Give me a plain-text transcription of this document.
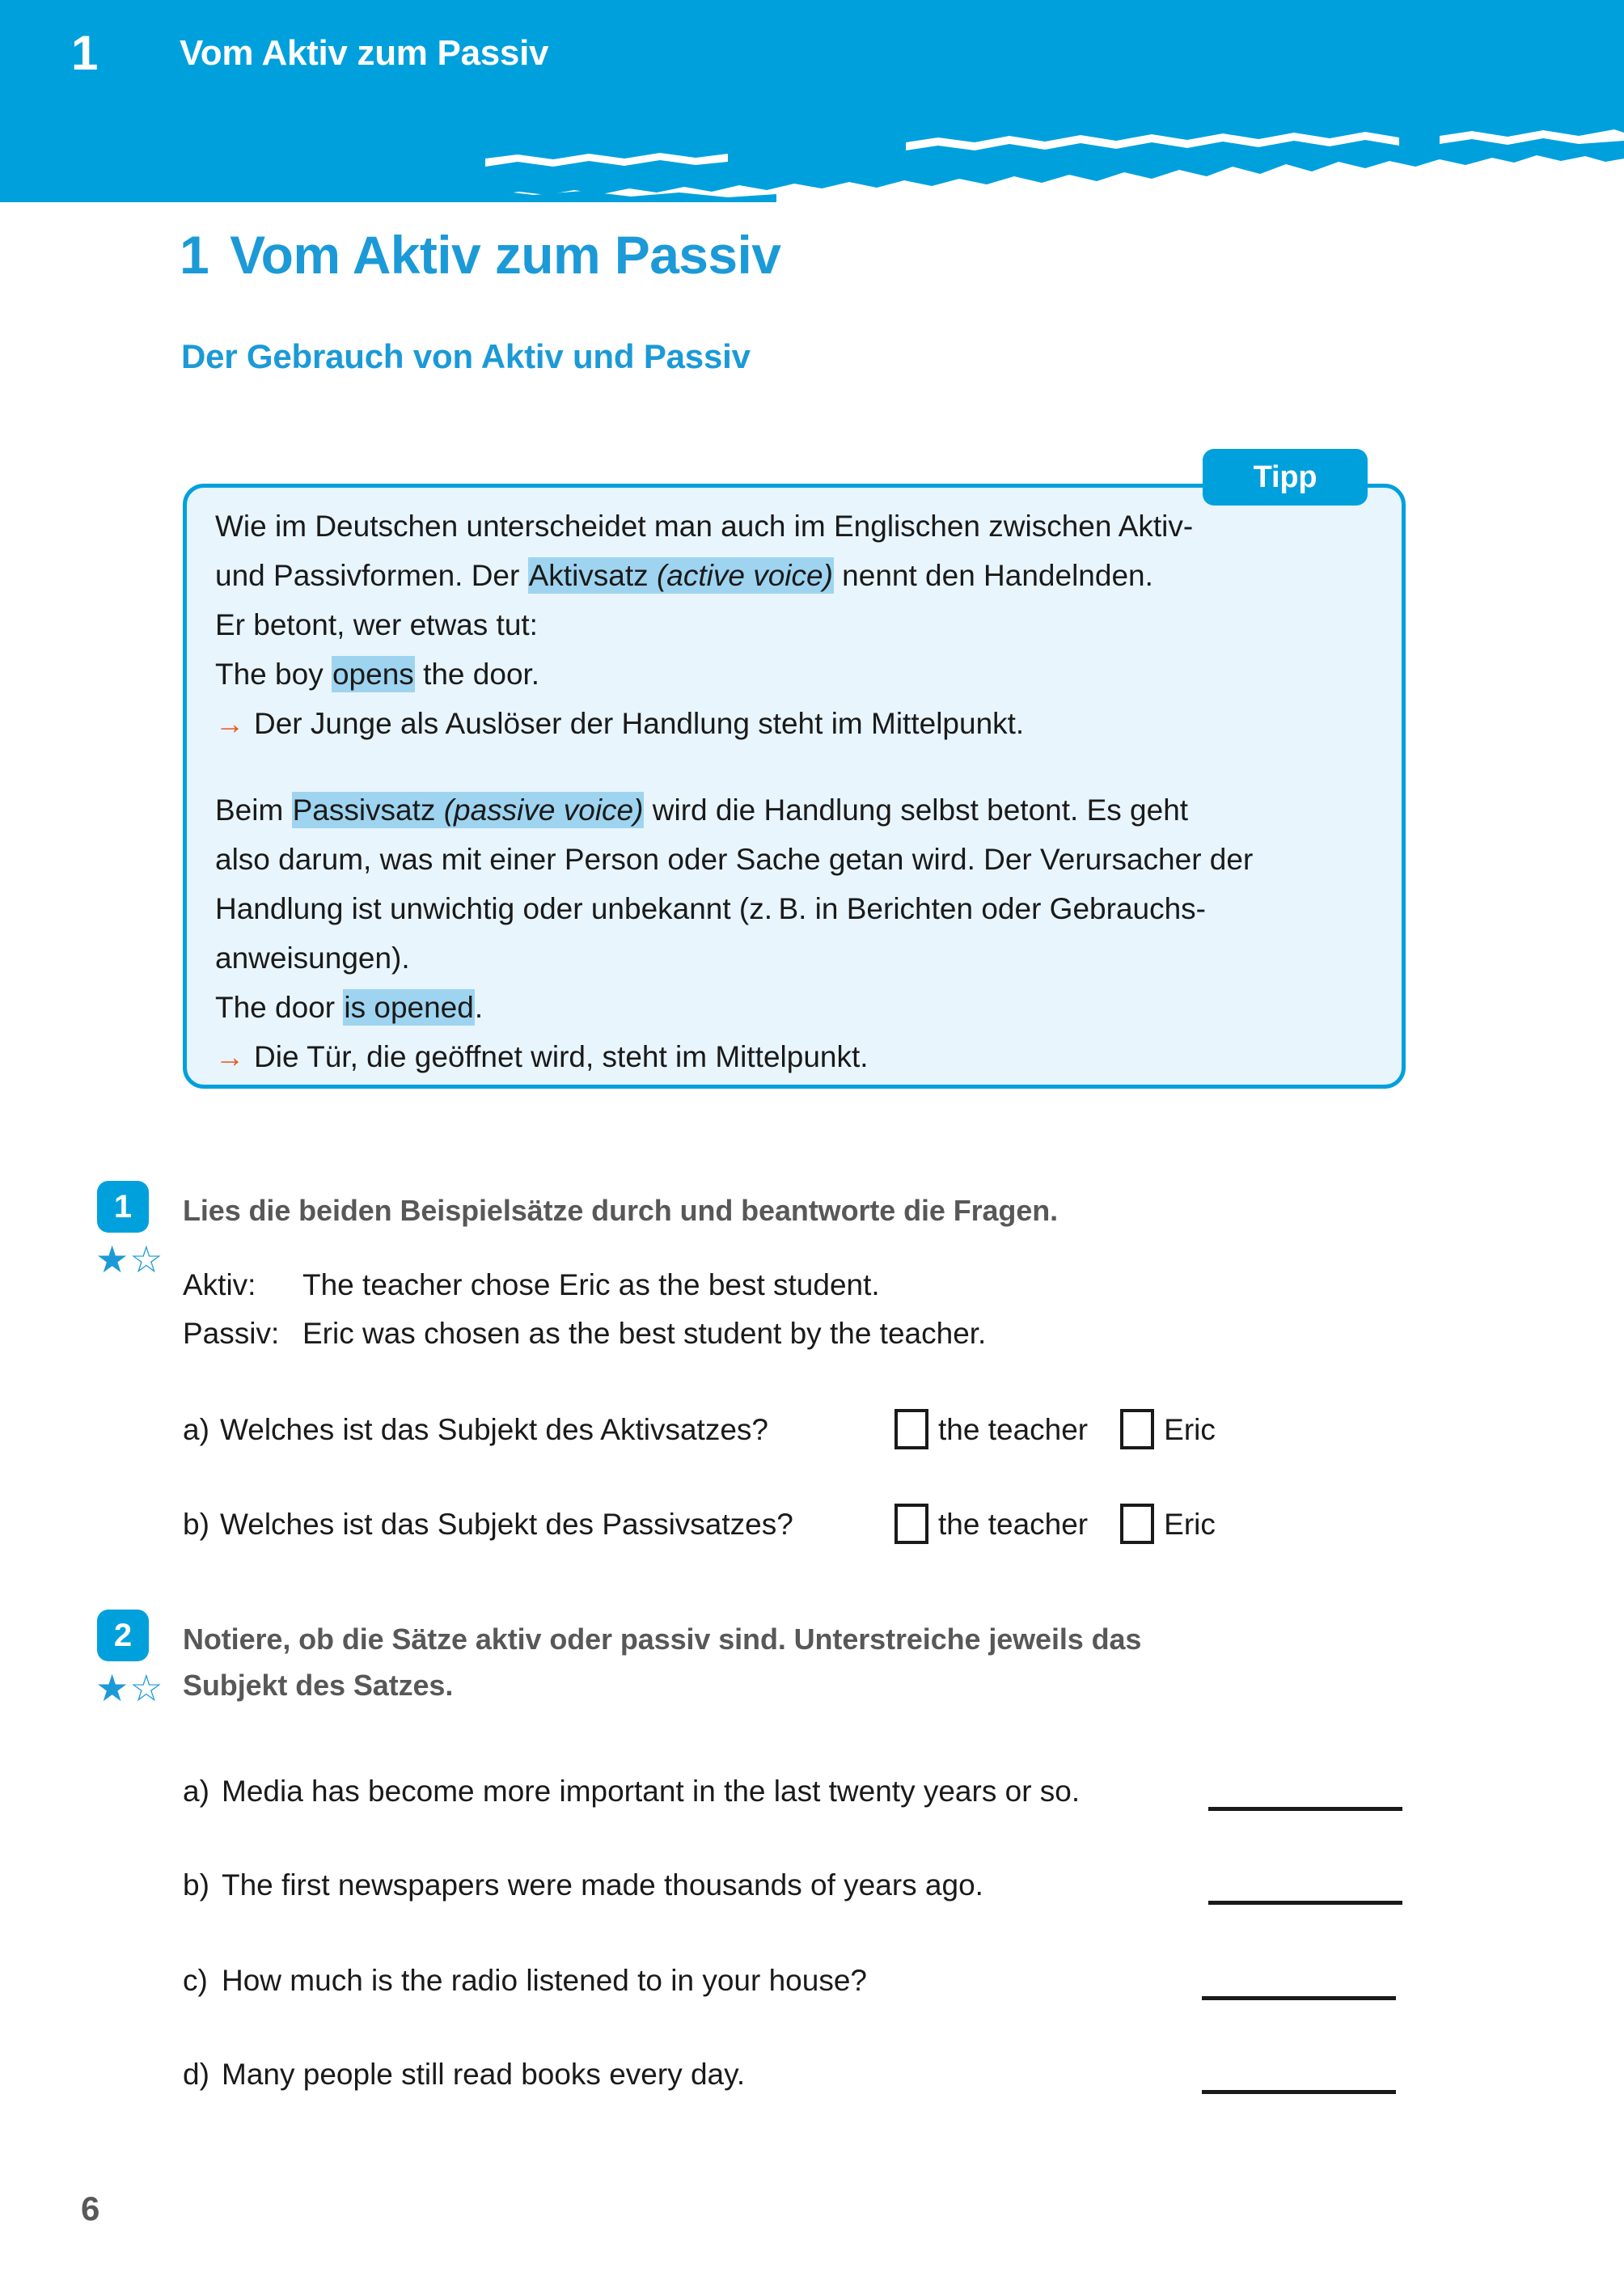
1 Vom Aktiv zum Passiv
1 Vom Aktiv zum Passiv
Der Gebrauch von Aktiv und Passiv
Tipp

Wie im Deutschen unterscheidet man auch im Englischen zwischen Aktiv-

und Passivformen. Der Aktivsatz (active voice) nennt den Handelnden.

Er betont, wer etwas tut:

The boy opens the door.

→ Der Junge als Auslöser der Handlung steht im Mittelpunkt.

Beim Passivsatz (passive voice) wird die Handlung selbst betont. Es geht

also darum, was mit einer Person oder Sache getan wird. Der Verursacher der

Handlung ist unwichtig oder unbekannt (z. B. in Berichten oder Gebrauchs-

anweisungen).

The door is opened.

→ Die Tür, die geöffnet wird, steht im Mittelpunkt.

1
★☆
Lies die beiden Beispielsätze durch und beantworte die Fragen.
Aktiv: The teacher chose Eric as the best student.
Passiv: Eric was chosen as the best student by the teacher.
a) Welches ist das Subjekt des Aktivsatzes?	the teacher	Eric
b) Welches ist das Subjekt des Passivsatzes?	the teacher	Eric
2
★☆
Notiere, ob die Sätze aktiv oder passiv sind. Unterstreiche jeweils das
Subjekt des Satzes.
a) Media has become more important in the last twenty years or so.
b) The first newspapers were made thousands of years ago.
c) How much is the radio listened to in your house?
d) Many people still read books every day.
6
